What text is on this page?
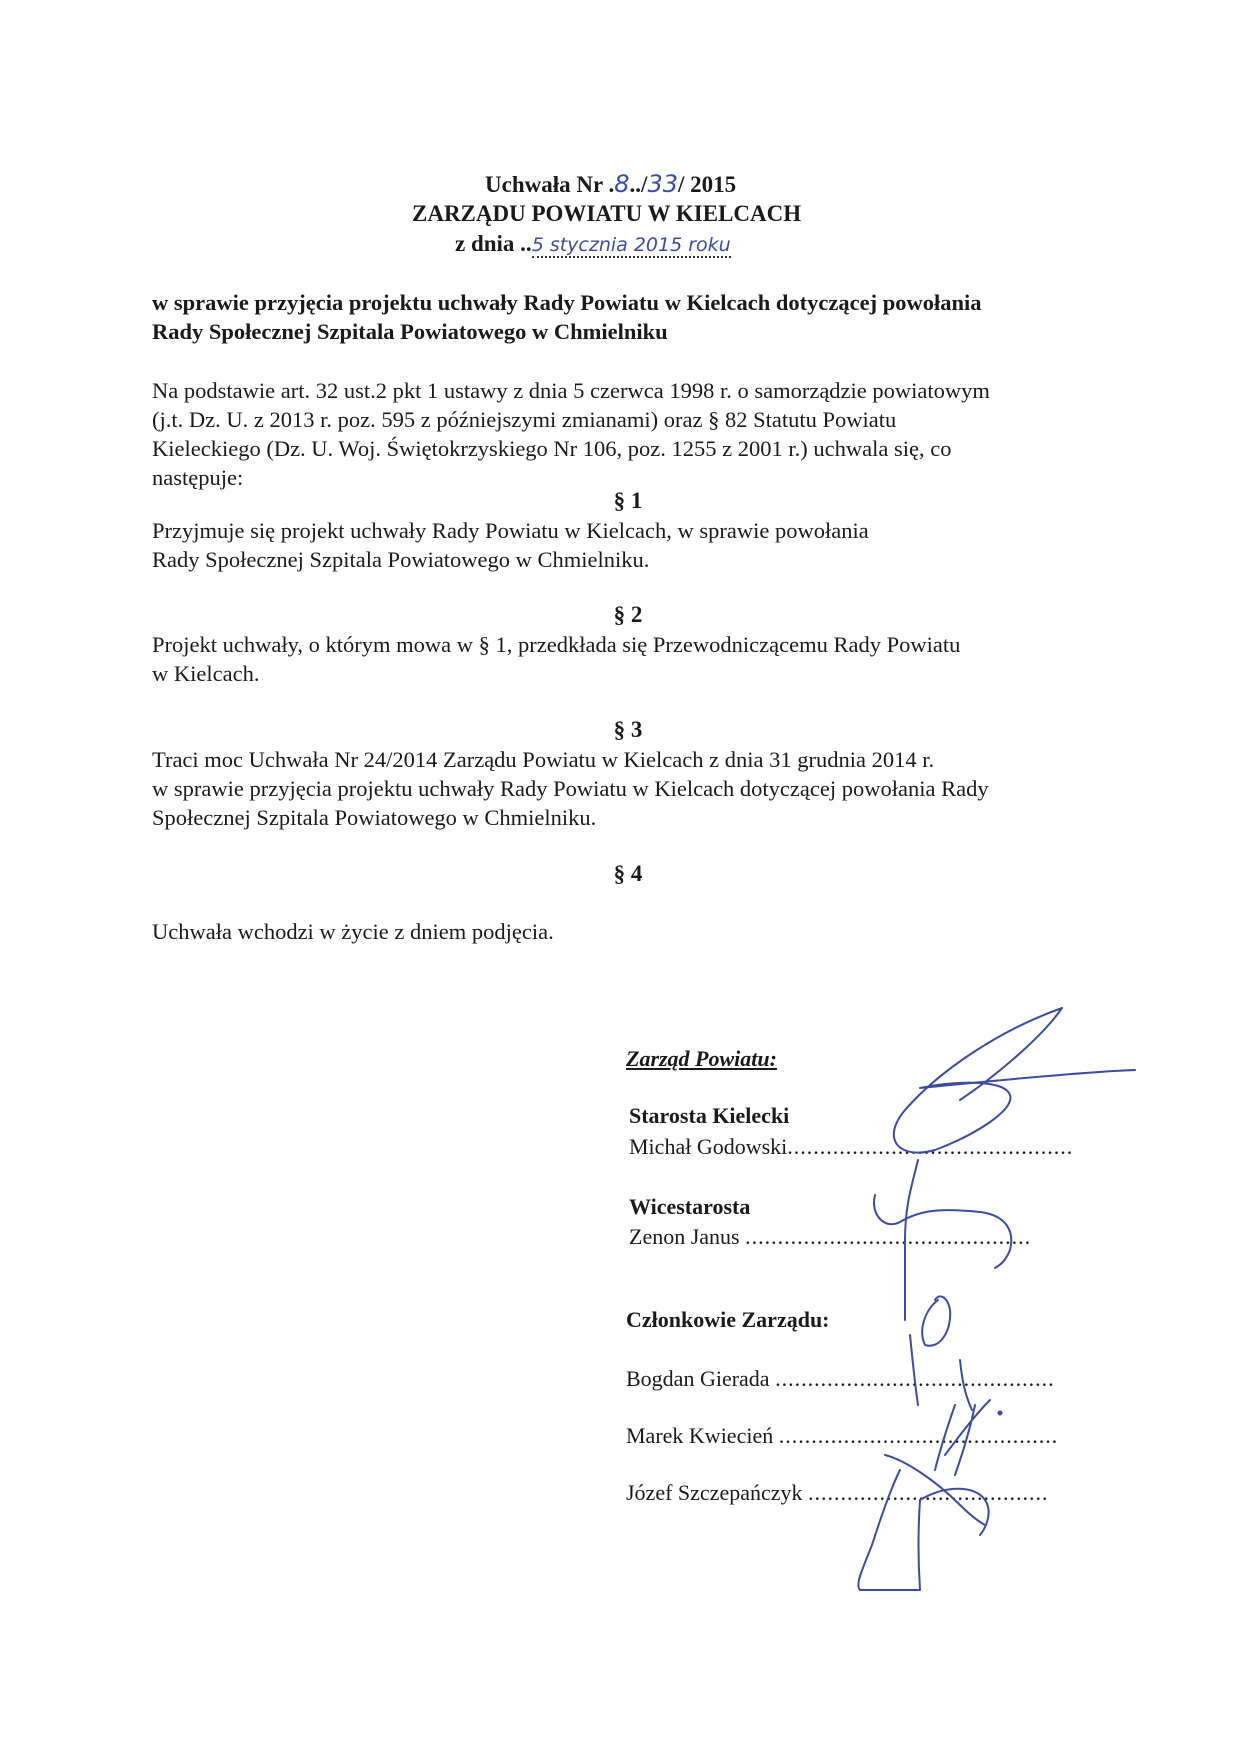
Uchwała Nr .8../33/ 2015
ZARZĄDU POWIATU W KIELCACH
z dnia ..5 stycznia 2015 roku
w sprawie przyjęcia projektu uchwały Rady Powiatu w Kielcach dotyczącej powołania
Rady Społecznej Szpitala Powiatowego w Chmielniku
Na podstawie art. 32 ust.2 pkt 1 ustawy z dnia 5 czerwca 1998 r. o samorządzie powiatowym
(j.t. Dz. U. z 2013 r. poz. 595 z późniejszymi zmianami) oraz § 82 Statutu Powiatu
Kieleckiego (Dz. U. Woj. Świętokrzyskiego Nr 106, poz. 1255 z 2001 r.) uchwala się, co
następuje:
§ 1
Przyjmuje się projekt uchwały Rady Powiatu w Kielcach, w sprawie powołania
Rady Społecznej Szpitala Powiatowego w Chmielniku.
§ 2
Projekt uchwały, o którym mowa w § 1, przedkłada się Przewodniczącemu Rady Powiatu
w Kielcach.
§ 3
Traci moc Uchwała Nr 24/2014 Zarządu Powiatu w Kielcach z dnia 31 grudnia 2014 r.
w sprawie przyjęcia projektu uchwały Rady Powiatu w Kielcach dotyczącej powołania Rady
Społecznej Szpitala Powiatowego w Chmielniku.
§ 4
Uchwała wchodzi w życie z dniem podjęcia.
Zarząd Powiatu:
Starosta Kielecki
Michał Godowski............................................
Wicestarosta
Zenon Janus ............................................
Członkowie Zarządu:
Bogdan Gierada ...........................................
Marek Kwiecień ...........................................
Józef Szczepańczyk .....................................
